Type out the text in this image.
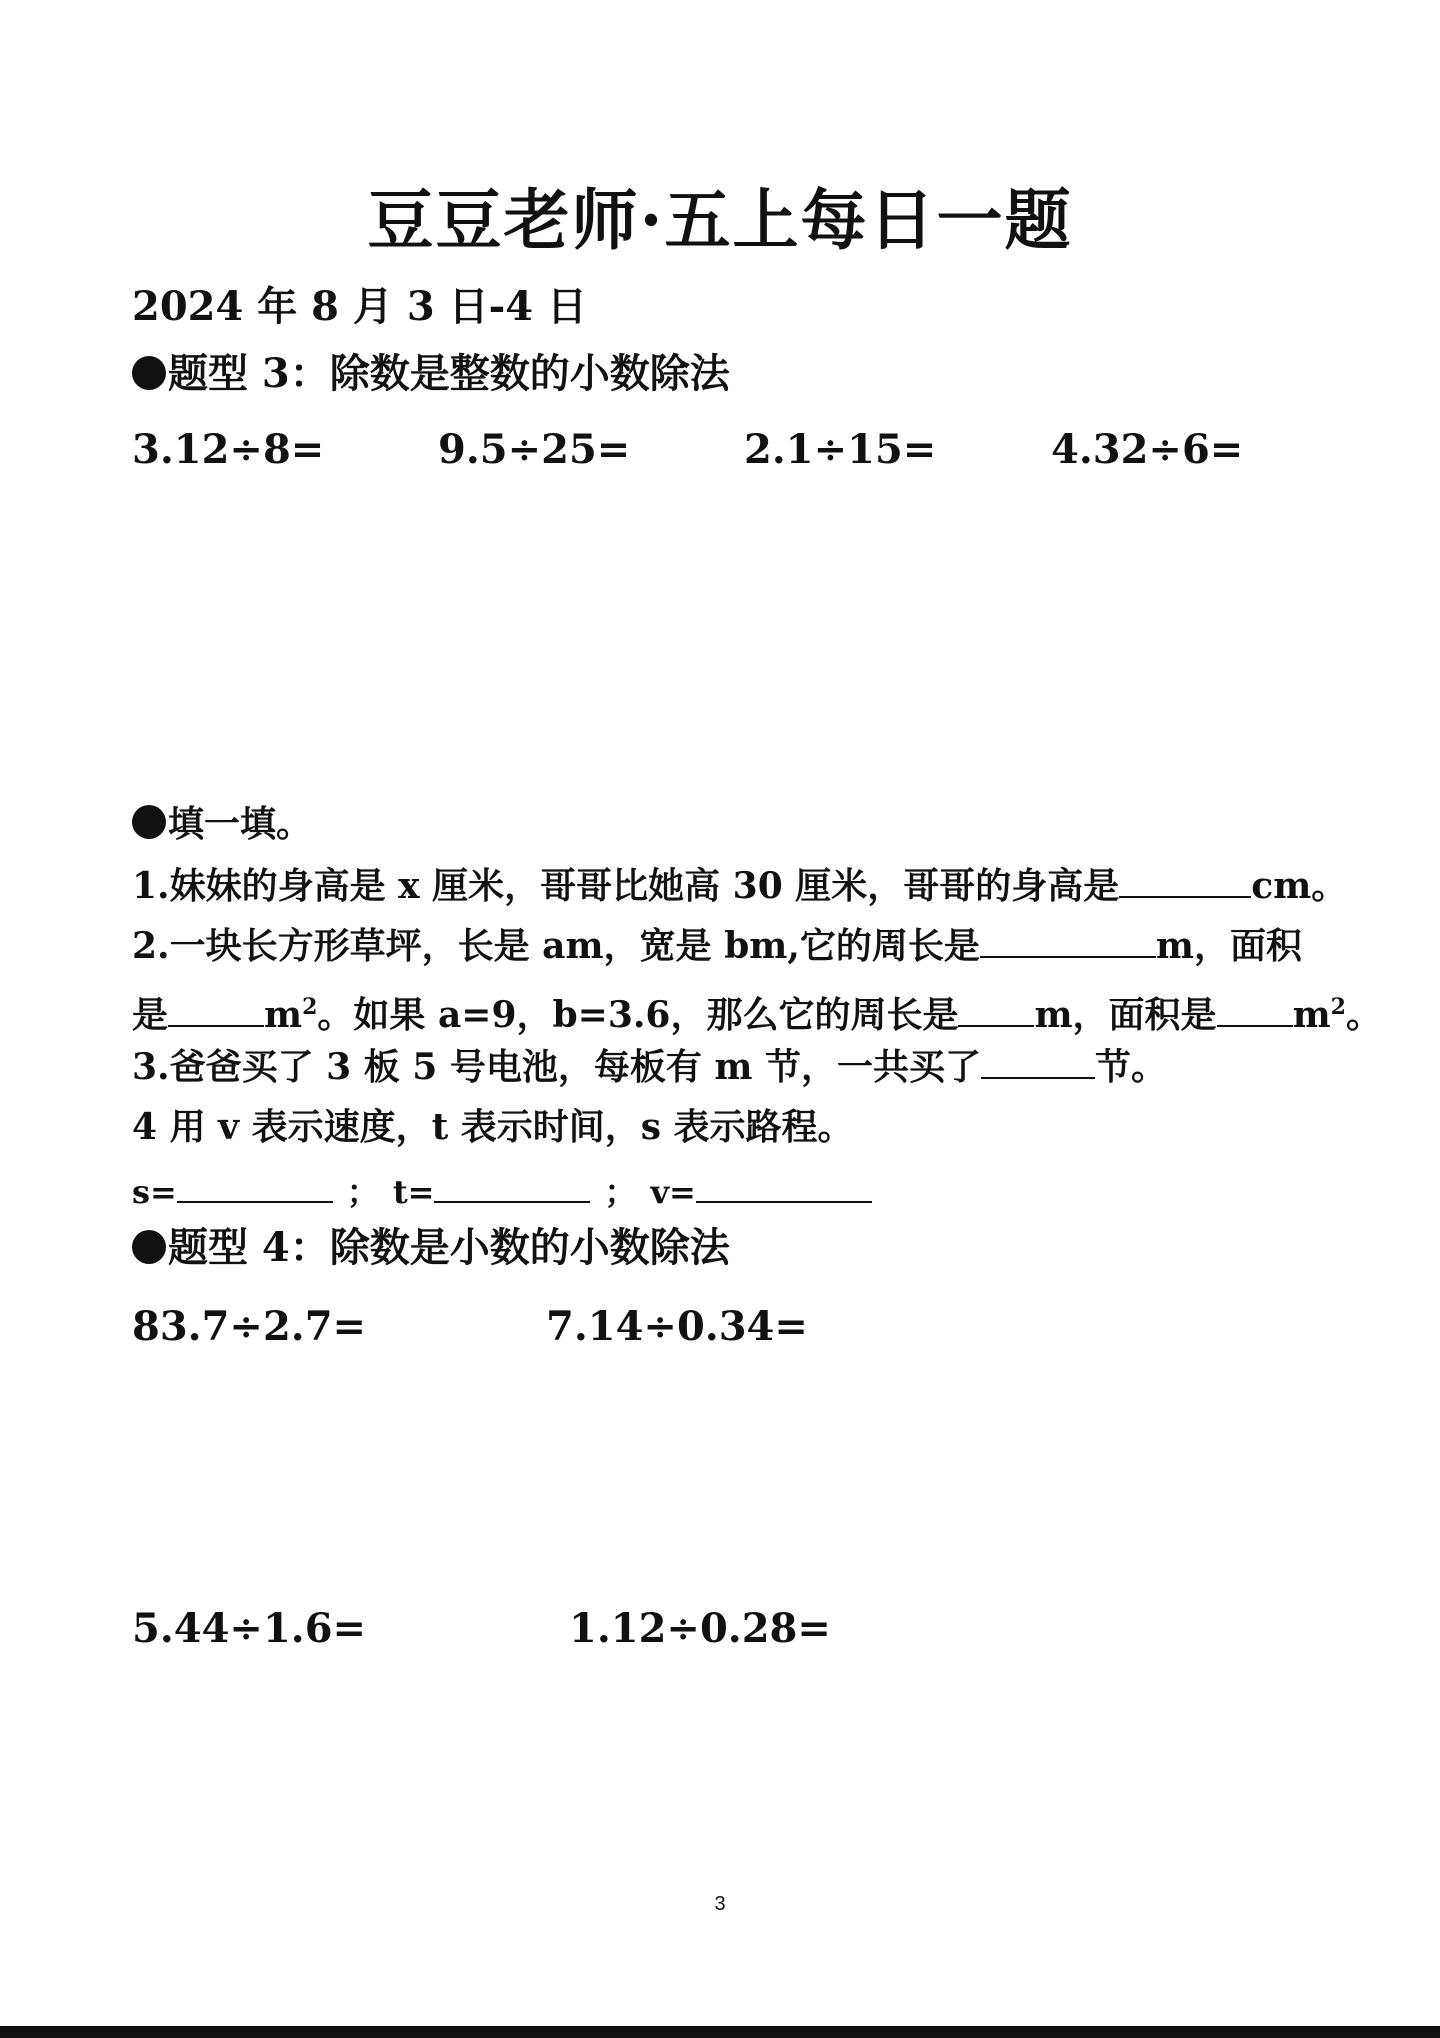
豆豆老师·五上每日一题
2024 年 8 月 3 日-4 日
题型 3：除数是整数的小数除法
3.12÷8=	9.5÷25=	2.1÷15=	4.32÷6=
填一填。
1.妹妹的身高是 x 厘米，哥哥比她高 30 厘米，哥哥的身高是	cm。
2.一块长方形草坪，长是 am，宽是 bm,它的周长是	m，面积
是	$m^2$。如果 a=9，b=3.6，那么它的周长是 m，面积是 $m^2$。
3.爸爸买了 3 板 5 号电池，每板有 m 节，一共买了	节。
4 用 v 表示速度，t 表示时间，s 表示路程。
s=	； t=	； v=
题型 4：除数是小数的小数除法
83.7÷2.7=	7.14÷0.34=
5.44÷1.6=	1.12÷0.28=
3
